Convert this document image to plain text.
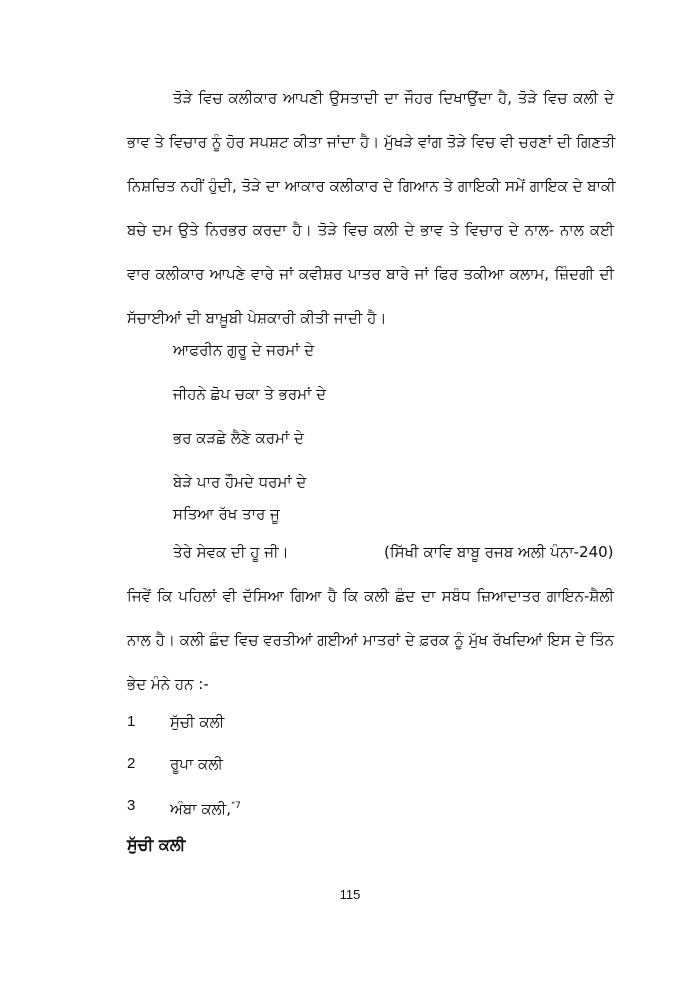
ਤੋੜੇ ਵਿਚ ਕਲੀਕਾਰ ਆਪਣੀ ਉਸਤਾਦੀ ਦਾ ਜੌਹਰ ਦਿਖਾਉਂਦਾ ਹੈ, ਤੋੜੇ ਵਿਚ ਕਲੀ ਦੇ
ਭਾਵ ਤੇ ਵਿਚਾਰ ਨੂੰ ਹੋਰ ਸਪਸ਼ਟ ਕੀਤਾ ਜਾਂਦਾ ਹੈ। ਮੁੱਖੜੇ ਵਾਂਗ ਤੋੜੇ ਵਿਚ ਵੀ ਚਰਣਾਂ ਦੀ ਗਿਣਤੀ
ਨਿਸ਼ਚਿਤ ਨਹੀਂ ਹੁੰਦੀ, ਤੋੜੇ ਦਾ ਆਕਾਰ ਕਲੀਕਾਰ ਦੇ ਗਿਆਨ ਤੇ ਗਾਇਕੀ ਸਮੇਂ ਗਾਇਕ ਦੇ ਬਾਕੀ
ਬਚੇ ਦਮ ਉਤੇ ਨਿਰਭਰ ਕਰਦਾ ਹੈ। ਤੋੜੇ ਵਿਚ ਕਲੀ ਦੇ ਭਾਵ ਤੇ ਵਿਚਾਰ ਦੇ ਨਾਲ- ਨਾਲ ਕਈ
ਵਾਰ ਕਲੀਕਾਰ ਆਪਣੇ ਵਾਰੇ ਜਾਂ ਕਵੀਸ਼ਰ ਪਾਤਰ ਬਾਰੇ ਜਾਂ ਫਿਰ ਤਕੀਆ ਕਲਾਮ, ਜ਼ਿੰਦਗੀ ਦੀ
ਸੱਚਾਈਆਂ ਦੀ ਬਾਖ਼ੂਬੀ ਪੇਸ਼ਕਾਰੀ ਕੀਤੀ ਜਾਦੀ ਹੈ।
ਆਫਰੀਨ ਗੁਰੂ ਦੇ ਜਰਮਾਂ ਦੇ
ਜੀਹਨੇ ਛੋਪ ਚਕਾ ਤੇ ਭਰਮਾਂ ਦੇ
ਭਰ ਕੜਛੇ ਲੈਣੇ ਕਰਮਾਂ ਦੇ
ਬੇੜੇ ਪਾਰ ਹੌਮਦੇ ਧਰਮਾਂ ਦੇ
ਸਤਿਆ ਰੱਖ ਤਾਰ ਜੂ
ਤੇਰੇ ਸੇਵਕ ਦੀ ਹੂ ਜੀ।	(ਸਿੱਖੀ ਕਾਵਿ ਬਾਬੂ ਰਜਬ ਅਲੀ ਪੰਨਾ-240)
ਜਿਵੇਂ ਕਿ ਪਹਿਲਾਂ ਵੀ ਦੱਸਿਆ ਗਿਆ ਹੈ ਕਿ ਕਲੀ ਛੰਦ ਦਾ ਸਬੰਧ ਜ਼ਿਆਦਾਤਰ ਗਾਇਨ-ਸ਼ੈਲੀ
ਨਾਲ ਹੈ। ਕਲੀ ਛੰਦ ਵਿਚ ਵਰਤੀਆਂ ਗਈਆਂ ਮਾਤਰਾਂ ਦੇ ਫ਼ਰਕ ਨੂੰ ਮੁੱਖ ਰੱਖਦਿਆਂ ਇਸ ਦੇ ਤਿੰਨ
ਭੇਦ ਮੰਨੇ ਹਨ :-
1 ਸੁੱਚੀ ਕਲੀ
2 ਰੂਪਾ ਕਲੀ
3 ਅੰਬਾ ਕਲੀ,$^{"7}$
ਸੁੱਚੀ ਕਲੀ
115
